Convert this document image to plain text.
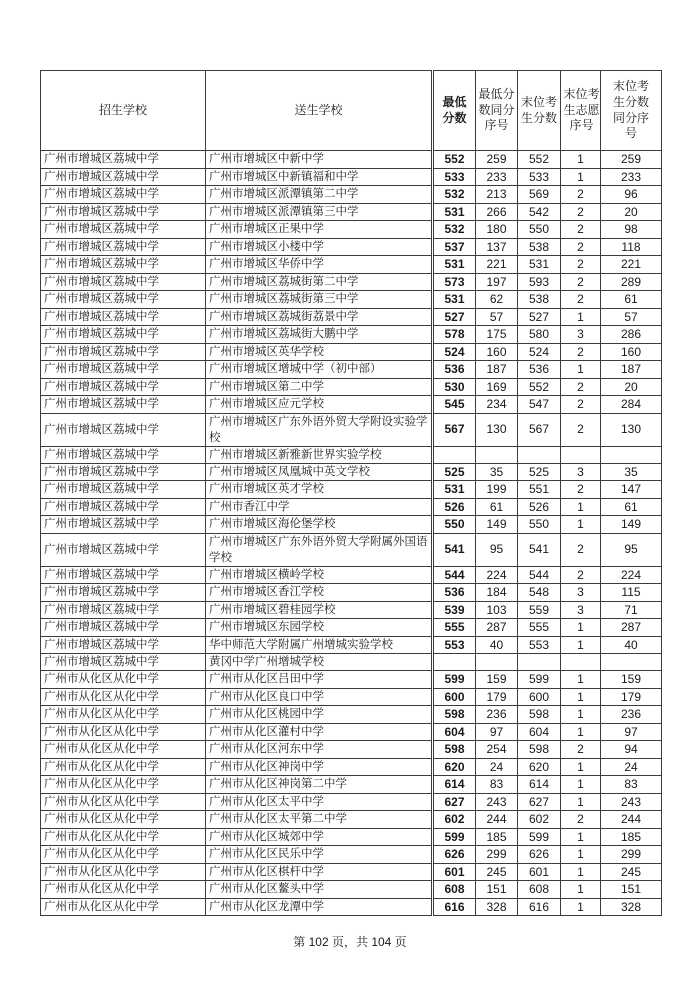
招生学校	送生学校	最低分数	最低分数同分序号	末位考生分数	末位考生志愿序号	末位考生分数同分序号
广州市增城区荔城中学	广州市增城区中新中学	552	259	552	1	259
广州市增城区荔城中学	广州市增城区中新镇福和中学	533	233	533	1	233
广州市增城区荔城中学	广州市增城区派潭镇第二中学	532	213	569	2	96
广州市增城区荔城中学	广州市增城区派潭镇第三中学	531	266	542	2	20
广州市增城区荔城中学	广州市增城区正果中学	532	180	550	2	98
广州市增城区荔城中学	广州市增城区小楼中学	537	137	538	2	118
广州市增城区荔城中学	广州市增城区华侨中学	531	221	531	2	221
广州市增城区荔城中学	广州市增城区荔城街第二中学	573	197	593	2	289
广州市增城区荔城中学	广州市增城区荔城街第三中学	531	62	538	2	61
广州市增城区荔城中学	广州市增城区荔城街荔景中学	527	57	527	1	57
广州市增城区荔城中学	广州市增城区荔城街大鹏中学	578	175	580	3	286
广州市增城区荔城中学	广州市增城区英华学校	524	160	524	2	160
广州市增城区荔城中学	广州市增城区增城中学（初中部）	536	187	536	1	187
广州市增城区荔城中学	广州市增城区第二中学	530	169	552	2	20
广州市增城区荔城中学	广州市增城区应元学校	545	234	547	2	284
广州市增城区荔城中学	广州市增城区广东外语外贸大学附设实验学校	567	130	567	2	130
广州市增城区荔城中学	广州市增城区新雅新世界实验学校					
广州市增城区荔城中学	广州市增城区凤凰城中英文学校	525	35	525	3	35
广州市增城区荔城中学	广州市增城区英才学校	531	199	551	2	147
广州市增城区荔城中学	广州市香江中学	526	61	526	1	61
广州市增城区荔城中学	广州市增城区海伦堡学校	550	149	550	1	149
广州市增城区荔城中学	广州市增城区广东外语外贸大学附属外国语学校	541	95	541	2	95
广州市增城区荔城中学	广州市增城区横岭学校	544	224	544	2	224
广州市增城区荔城中学	广州市增城区香江学校	536	184	548	3	115
广州市增城区荔城中学	广州市增城区碧桂园学校	539	103	559	3	71
广州市增城区荔城中学	广州市增城区东园学校	555	287	555	1	287
广州市增城区荔城中学	华中师范大学附属广州增城实验学校	553	40	553	1	40
广州市增城区荔城中学	黄冈中学广州增城学校					
广州市从化区从化中学	广州市从化区吕田中学	599	159	599	1	159
广州市从化区从化中学	广州市从化区良口中学	600	179	600	1	179
广州市从化区从化中学	广州市从化区桃园中学	598	236	598	1	236
广州市从化区从化中学	广州市从化区灌村中学	604	97	604	1	97
广州市从化区从化中学	广州市从化区河东中学	598	254	598	2	94
广州市从化区从化中学	广州市从化区神岗中学	620	24	620	1	24
广州市从化区从化中学	广州市从化区神岗第二中学	614	83	614	1	83
广州市从化区从化中学	广州市从化区太平中学	627	243	627	1	243
广州市从化区从化中学	广州市从化区太平第二中学	602	244	602	2	244
广州市从化区从化中学	广州市从化区城郊中学	599	185	599	1	185
广州市从化区从化中学	广州市从化区民乐中学	626	299	626	1	299
广州市从化区从化中学	广州市从化区棋杆中学	601	245	601	1	245
广州市从化区从化中学	广州市从化区鳌头中学	608	151	608	1	151
广州市从化区从化中学	广州市从化区龙潭中学	616	328	616	1	328
第 102 页，共 104 页
